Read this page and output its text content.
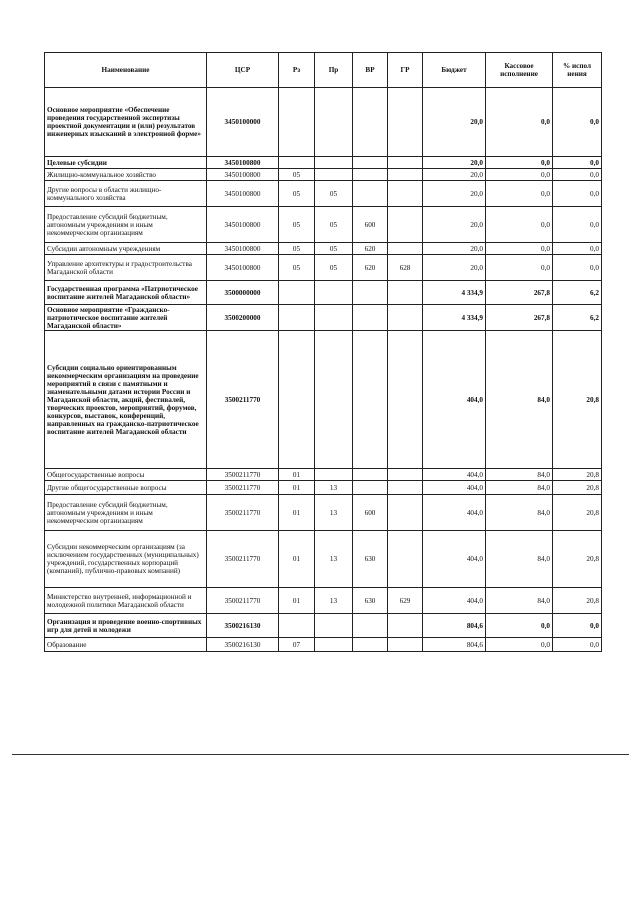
Наименование	ЦСР	Рз	Пр	ВР	ГР	Бюджет	Кассовое исполнение	% испол нения
Основное мероприятие «Обеспечение проведения государственной экспертизы проектной документации и (или) результатов инженерных изысканий в электронной форме»	3450100000					20,0	0,0	0,0
Целевые субсидии	3450100800					20,0	0,0	0,0
Жилищно-коммунальное хозяйство	3450100800	05				20,0	0,0	0,0
Другие вопросы в области жилищно-коммунального хозяйства	3450100800	05	05			20,0	0,0	0,0
Предоставление субсидий бюджетным, автономным учреждениям и иным некоммерческим организациям	3450100800	05	05	600		20,0	0,0	0,0
Субсидии автономным учреждениям	3450100800	05	05	620		20,0	0,0	0,0
Управление архитектуры и градостроительства Магаданской области	3450100800	05	05	620	628	20,0	0,0	0,0
Государственная программа «Патриотическое воспитание жителей Магаданской области»	3500000000					4 334,9	267,8	6,2
Основное мероприятие «Гражданско-патриотическое воспитание жителей Магаданской области»	3500200000					4 334,9	267,8	6,2
Субсидии социально ориентированным некоммерческим организациям на проведение мероприятий в связи с памятными и знаменательными датами истории России и Магаданской области, акций, фестивалей, творческих проектов, мероприятий, форумов, конкурсов, выставок, конференций, направленных на гражданско-патриотическое воспитание жителей Магаданской области	3500211770					404,0	84,0	20,8
Общегосударственные вопросы	3500211770	01				404,0	84,0	20,8
Другие общегосударственные вопросы	3500211770	01	13			404,0	84,0	20,8
Предоставление субсидий бюджетным, автономным учреждениям и иным некоммерческим организациям	3500211770	01	13	600		404,0	84,0	20,8
Субсидии некоммерческим организациям (за исключением государственных (муниципальных) учреждений, государственных корпораций (компаний), публично-правовых компаний)	3500211770	01	13	630		404,0	84,0	20,8
Министерство внутренней, информационной и молодежной политики Магаданской области	3500211770	01	13	630	629	404,0	84,0	20,8
Организация и проведение военно-спортивных игр для детей и молодежи	3500216130					804,6	0,0	0,0
Образование	3500216130	07				804,6	0,0	0,0
